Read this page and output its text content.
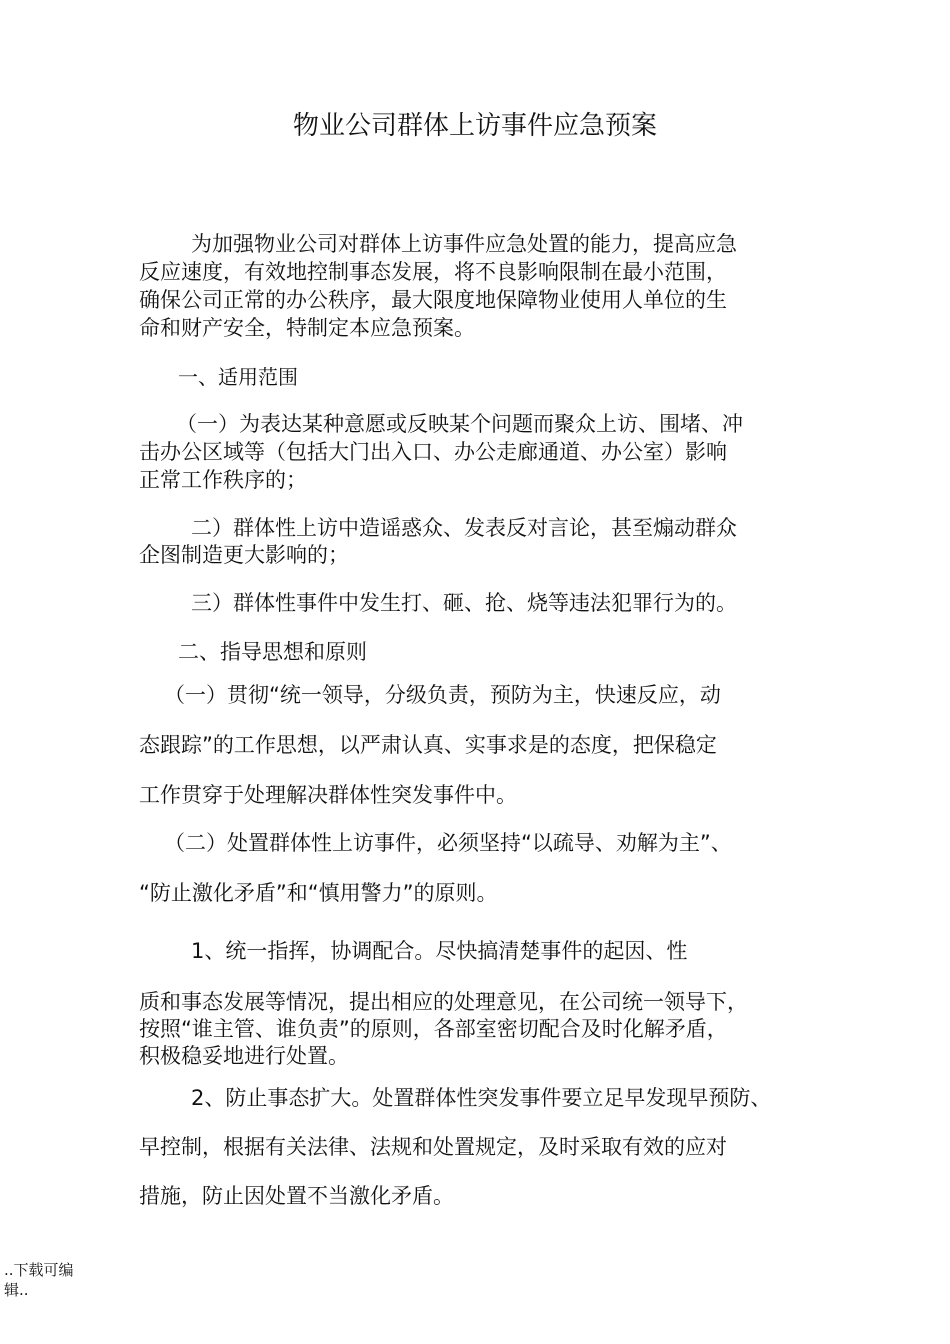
物业公司群体上访事件应急预案
为加强物业公司对群体上访事件应急处置的能力，提高应急
反应速度，有效地控制事态发展，将不良影响限制在最小范围，
确保公司正常的办公秩序，最大限度地保障物业使用人单位的生
命和财产安全，特制定本应急预案。
一、适用范围
（一）为表达某种意愿或反映某个问题而聚众上访、围堵、冲
击办公区域等（包括大门出入口、办公走廊通道、办公室）影响
正常工作秩序的；
二）群体性上访中造谣惑众、发表反对言论，甚至煽动群众
企图制造更大影响的；
三）群体性事件中发生打、砸、抢、烧等违法犯罪行为的。
二、指导思想和原则
（一）贯彻“统一领导，分级负责，预防为主，快速反应，动
态跟踪”的工作思想，以严肃认真、实事求是的态度，把保稳定
工作贯穿于处理解决群体性突发事件中。
（二）处置群体性上访事件，必须坚持“以疏导、劝解为主”、
“防止激化矛盾”和“慎用警力”的原则。
1、统一指挥，协调配合。尽快搞清楚事件的起因、性
质和事态发展等情况，提出相应的处理意见，在公司统一领导下，
按照“谁主管、谁负责”的原则，各部室密切配合及时化解矛盾，
积极稳妥地进行处置。
2、防止事态扩大。处置群体性突发事件要立足早发现早预防、
早控制，根据有关法律、法规和处置规定，及时采取有效的应对
措施，防止因处置不当激化矛盾。
..下载可编
辑..
